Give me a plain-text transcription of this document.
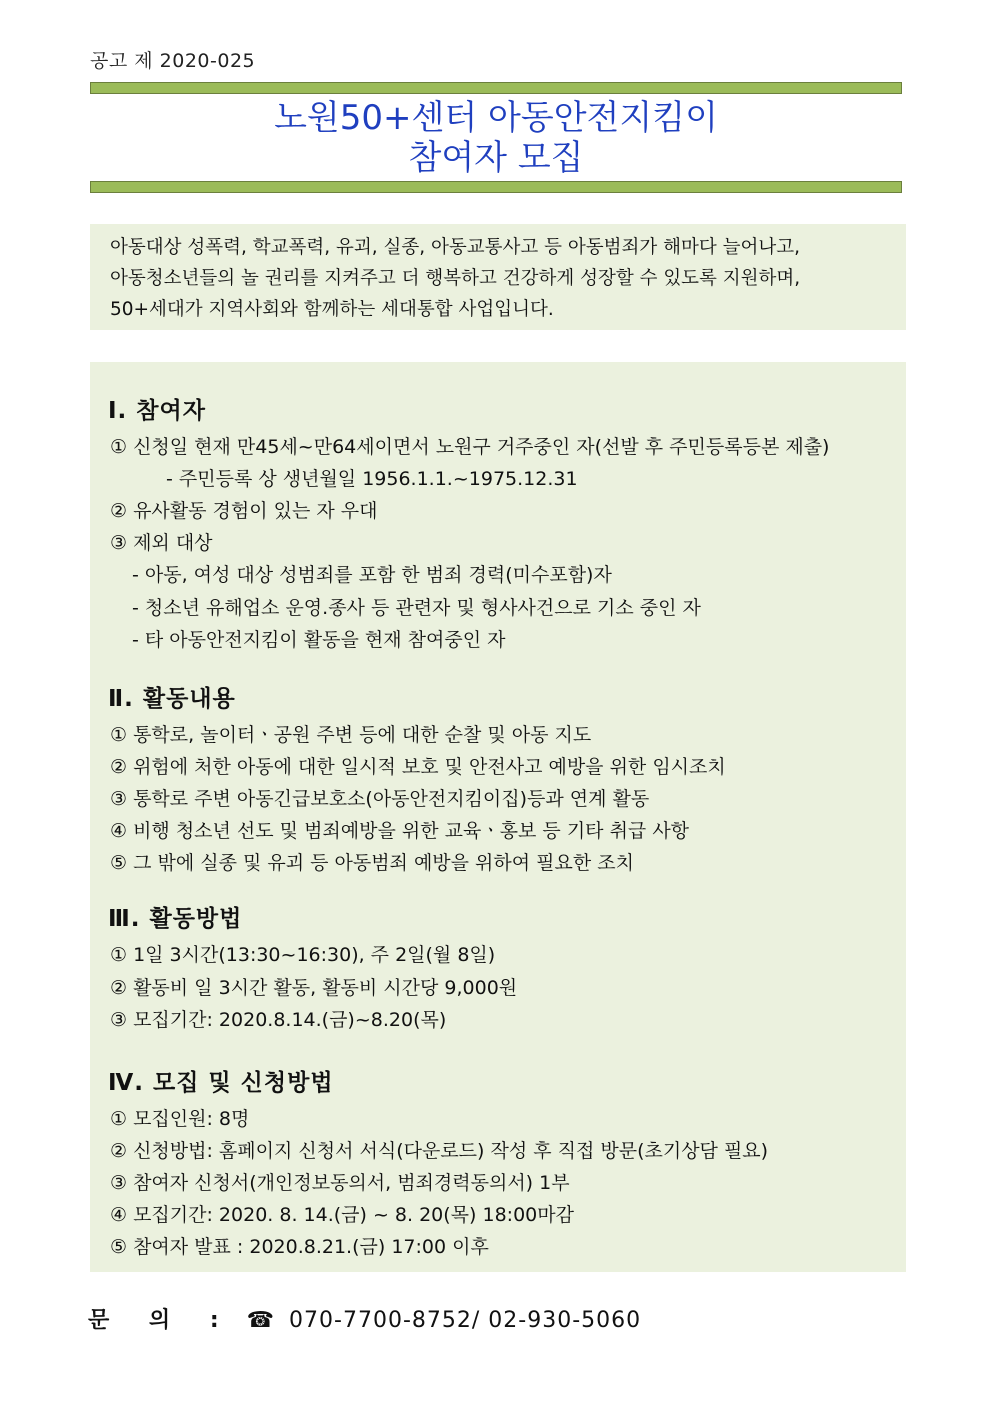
공고 제 2020-025
노원50+센터 아동안전지킴이
참여자 모집

아동대상 성폭력, 학교폭력, 유괴, 실종, 아동교통사고 등 아동범죄가 해마다 늘어나고,

아동청소년들의 놀 권리를 지켜주고 더 행복하고 건강하게 성장할 수 있도록 지원하며,

50+세대가 지역사회와 함께하는 세대통합 사업입니다.

Ⅰ. 참여자
① 신청일 현재 만45세~만64세이면서 노원구 거주중인 자(선발 후 주민등록등본 제출)
- 주민등록 상 생년월일 1956.1.1.~1975.12.31
② 유사활동 경험이 있는 자 우대
③ 제외 대상
- 아동, 여성 대상 성범죄를 포함 한 범죄 경력(미수포함)자
- 청소년 유해업소 운영.종사 등 관련자 및 형사사건으로 기소 중인 자
- 타 아동안전지킴이 활동을 현재 참여중인 자
Ⅱ. 활동내용
① 통학로, 놀이터ㆍ공원 주변 등에 대한 순찰 및 아동 지도
② 위험에 처한 아동에 대한 일시적 보호 및 안전사고 예방을 위한 임시조치
③ 통학로 주변 아동긴급보호소(아동안전지킴이집)등과 연계 활동
④ 비행 청소년 선도 및 범죄예방을 위한 교육ㆍ홍보 등 기타 취급 사항
⑤ 그 밖에 실종 및 유괴 등 아동범죄 예방을 위하여 필요한 조치
Ⅲ. 활동방법
① 1일 3시간(13:30~16:30), 주 2일(월 8일)
② 활동비 일 3시간 활동, 활동비 시간당 9,000원
③ 모집기간: 2020.8.14.(금)~8.20(목)
Ⅳ. 모집 및 신청방법
① 모집인원: 8명
② 신청방법: 홈페이지 신청서 서식(다운로드) 작성 후 직접 방문(초기상담 필요)
③ 참여자 신청서(개인정보동의서, 범죄경력동의서) 1부
④ 모집기간: 2020. 8. 14.(금) ~ 8. 20(목) 18:00마감
⑤ 참여자 발표 : 2020.8.21.(금) 17:00 이후
문 의 : ☎ 070-7700-8752/ 02-930-5060
